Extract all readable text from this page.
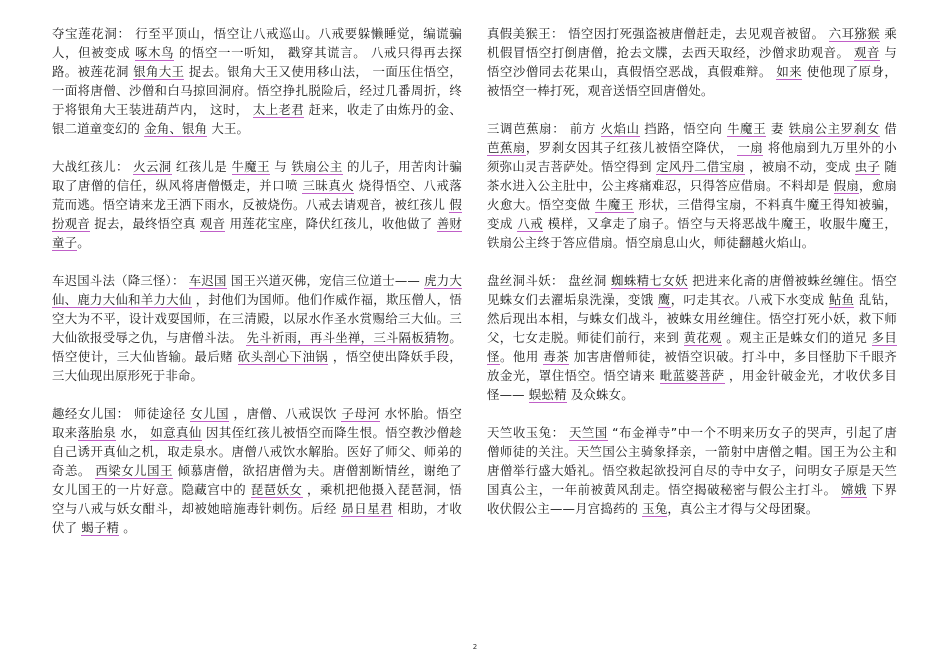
夺宝莲花洞： 行至平顶山，悟空让八戒巡山。八戒要躲懒睡觉，编谎骗人，但被变成 啄木鸟 的悟空一一听知， 戳穿其谎言。 八戒只得再去探路。被莲花洞 银角大王 捉去。银角大王又使用移山法， 一面压住悟空， 一面将唐僧、沙僧和白马掠回洞府。悟空挣扎脱险后，经过几番周折，终于将银角大王装进葫芦内， 这时， 太上老君 赶来，收走了由炼丹的金、银二道童变幻的 金角、银角 大王。

大战红孩儿： 火云洞 红孩儿是 牛魔王 与 铁扇公主 的儿子，用苦肉计骗取了唐僧的信任，纵风将唐僧慑走，并口喷 三昧真火 烧得悟空、八戒落荒而逃。悟空请来龙王洒下雨水，反被烧伤。八戒去请观音，被红孩儿 假扮观音 捉去，最终悟空真 观音 用莲花宝座，降伏红孩儿，收他做了 善财童子。

车迟国斗法（降三怪）： 车迟国 国王兴道灭佛，宠信三位道士—— 虎力大仙、鹿力大仙和羊力大仙 ，封他们为国师。他们作威作福，欺压僧人，悟空大为不平，设计戏耍国师，在三清殿，以尿水作圣水赏赐给三大仙。三大仙欲报受辱之仇，与唐僧斗法。 先斗祈雨，再斗坐禅，三斗隔板猜物。悟空使计，三大仙皆输。最后赌 砍头剖心下油锅 ，悟空使出降妖手段，三大仙现出原形死于非命。

趣经女儿国： 师徒途径 女儿国 ，唐僧、八戒误饮 子母河 水怀胎。悟空取来落胎泉 水， 如意真仙 因其侄红孩儿被悟空而降生恨。悟空教沙僧趁自己诱开真仙之机，取走泉水。唐僧八戒饮水解胎。医好了师父、师弟的奇恙。 西梁女儿国王 倾慕唐僧，欲招唐僧为夫。唐僧割断情丝，谢绝了女儿国王的一片好意。隐藏宫中的 琵琶妖女 ，乘机把他摄入琵琶洞，悟空与八戒与妖女酣斗，却被她暗施毒针刺伤。后经 昴日星君 相助，才收伏了 蝎子精 。

真假美猴王： 悟空因打死强盗被唐僧赶走，去见观音被留。 六耳猕猴 乘机假冒悟空打倒唐僧，抢去文牒，去西天取经，沙僧求助观音。 观音 与悟空沙僧同去花果山，真假悟空恶战，真假难辩。 如来 使他现了原身，被悟空一棒打死，观音送悟空回唐僧处。

三调芭蕉扇： 前方 火焰山 挡路，悟空向 牛魔王 妻 铁扇公主罗刹女 借 芭蕉扇，罗刹女因其子红孩儿被悟空降伏， 一扇 将他扇到九万里外的小须弥山灵吉菩萨处。悟空得到 定风丹二借宝扇 ，被扇不动，变成 虫子 随茶水进入公主肚中，公主疼痛难忍，只得答应借扇。不料却是 假扇，愈扇火愈大。悟空变做 牛魔王 形状，三借得宝扇，不料真牛魔王得知被骗，变成 八戒 模样，又拿走了扇子。悟空与天将恶战牛魔王，收服牛魔王，铁扇公主终于答应借扇。悟空扇息山火，师徒翻越火焰山。

盘丝洞斗妖： 盘丝洞 蜘蛛精七女妖 把进来化斋的唐僧被蛛丝缠住。悟空见蛛女们去濯垢泉洗澡，变饿 鹰，叼走其衣。八戒下水变成 鲇鱼 乱钻，然后现出本相，与蛛女们战斗，被蛛女用丝缠住。悟空打死小妖，救下师父，七女走脱。师徒们前行，来到 黄花观 。观主正是蛛女们的道兄 多目怪。他用 毒茶 加害唐僧师徒，被悟空识破。打斗中，多目怪肋下千眼齐放金光，罩住悟空。悟空请来 毗蓝婆菩萨 ，用金针破金光，才收伏多目怪—— 蜈蚣精 及众蛛女。

天竺收玉兔： 天竺国 “布金禅寺”中一个不明来历女子的哭声，引起了唐僧师徒的关注。天竺国公主骑象择亲，一箭射中唐僧之帽。国王为公主和唐僧举行盛大婚礼。悟空救起欲投河自尽的寺中女子，问明女子原是天竺国真公主，一年前被黄风刮走。悟空揭破秘密与假公主打斗。 嫦娥 下界收伏假公主——月宫捣药的 玉兔，真公主才得与父母团聚。

2
